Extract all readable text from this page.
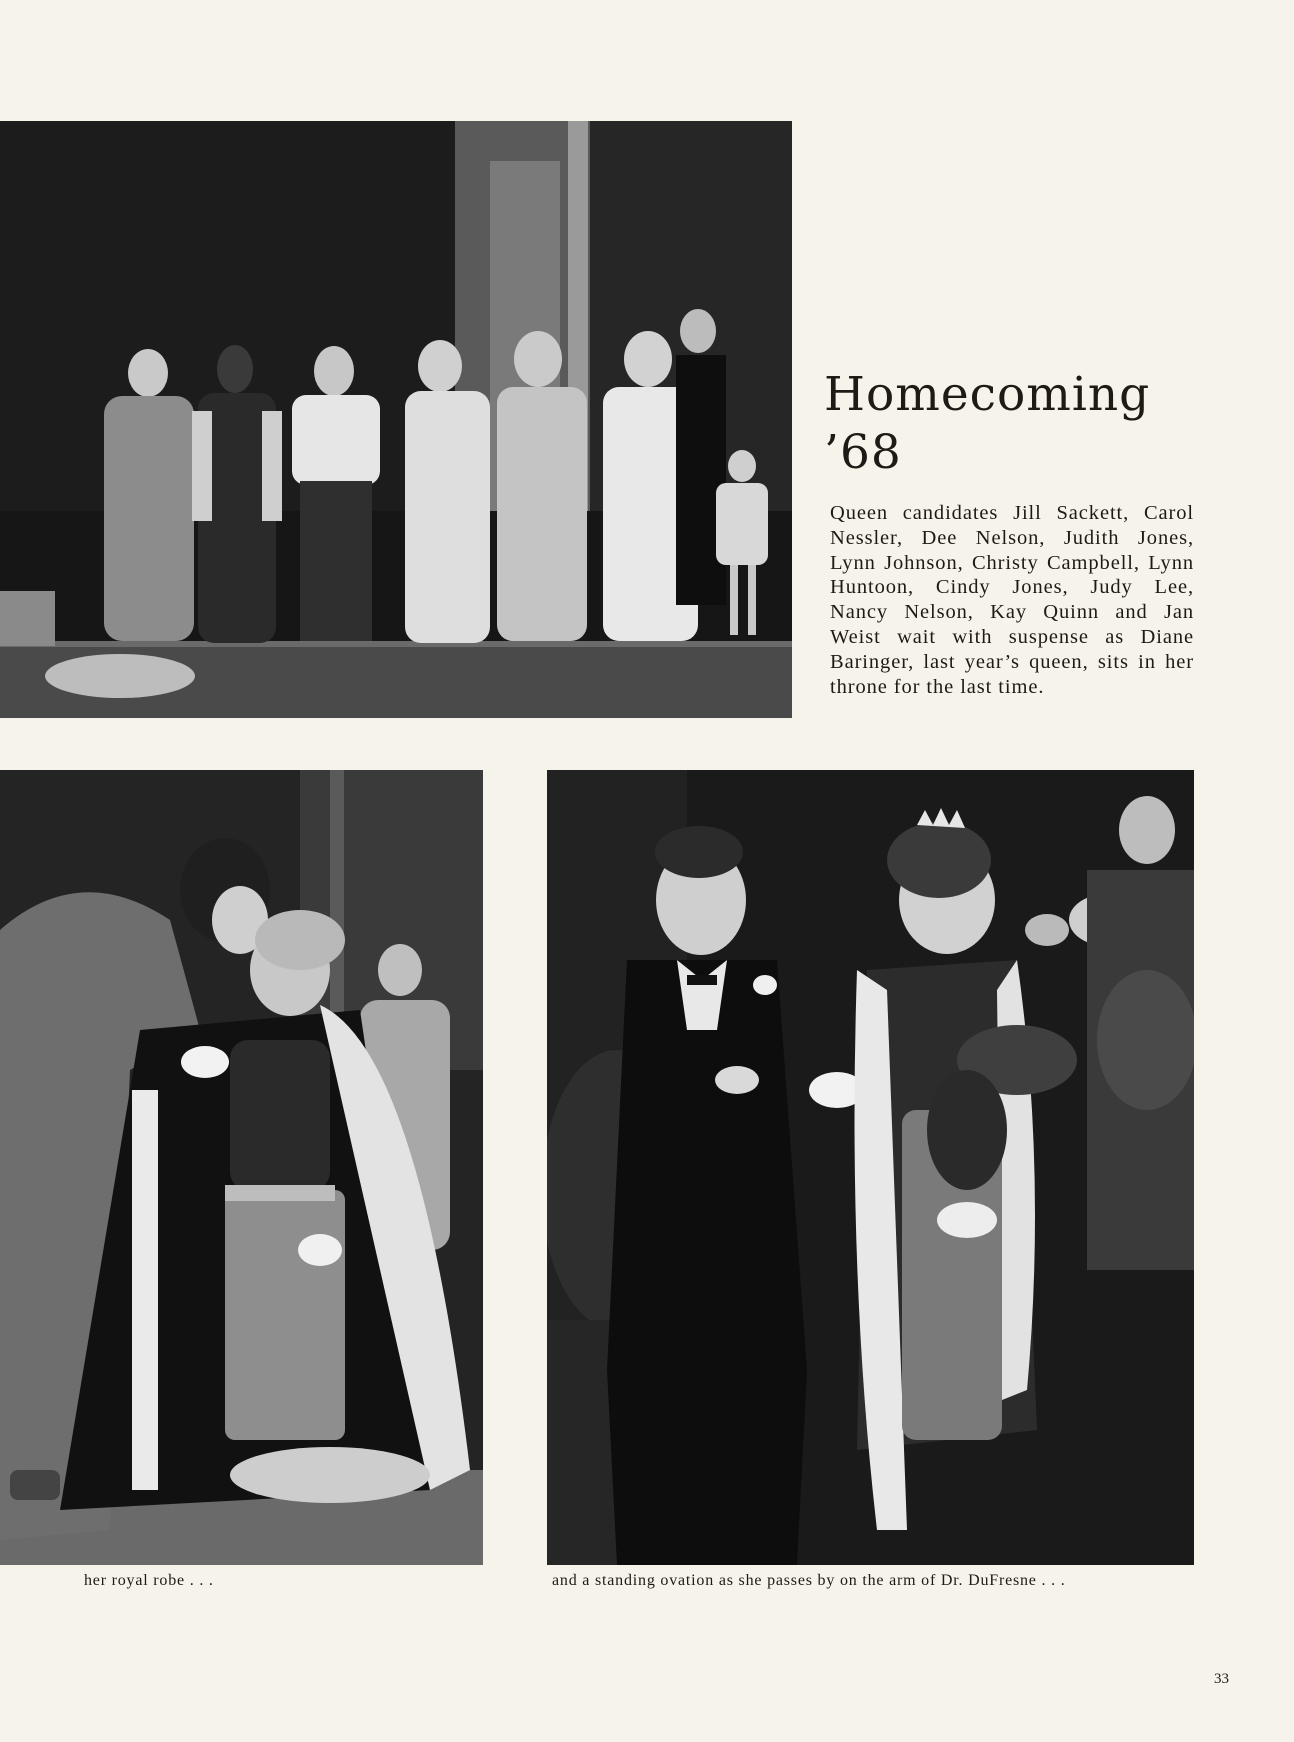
Homecoming
’68

Queen candidates Jill Sackett, Carol Nessler, Dee Nelson, Judith Jones, Lynn Johnson, Christy Campbell, Lynn Huntoon, Cindy Jones, Judy Lee, Nancy Nelson, Kay Quinn and Jan Weist wait with suspense as Diane Baringer, last year’s queen, sits in her throne for the last time.

her royal robe . . .	and a standing ovation as she passes by on the arm of Dr. DuFresne . . .
33
